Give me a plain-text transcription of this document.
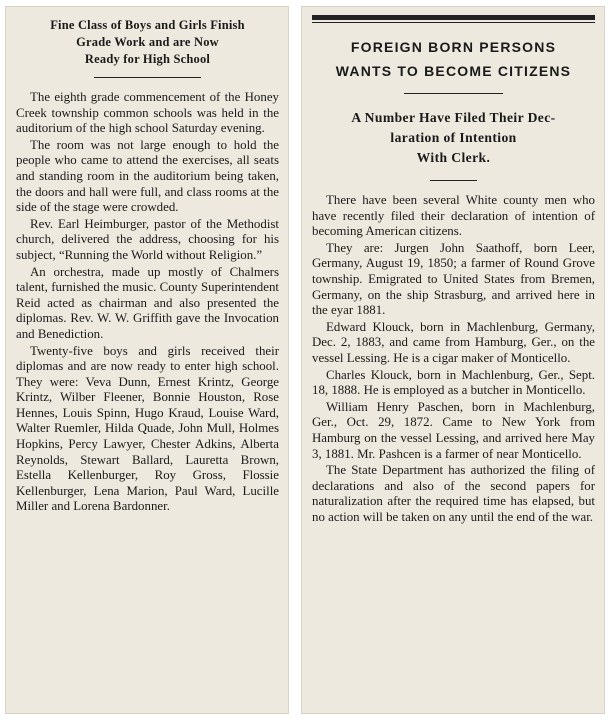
Fine Class of Boys and Girls Finish
Grade Work and are Now
Ready for High School

The eighth grade commencement of the Honey Creek township common schools was held in the auditorium of the high school Saturday evening.

The room was not large enough to hold the people who came to attend the exercises, all seats and standing room in the auditorium being taken, the doors and hall were full, and class rooms at the side of the stage were crowded.

Rev. Earl Heimburger, pastor of the Methodist church, delivered the address, choosing for his subject, “Running the World without Religion.”

An orchestra, made up mostly of Chalmers talent, furnished the music. County Superintendent Reid acted as chairman and also presented the diplomas. Rev. W. W. Griffith gave the Invocation and Benediction.

Twenty-five boys and girls received their diplomas and are now ready to enter high school. They were: Veva Dunn, Ernest Krintz, George Krintz, Wilber Fleener, Bonnie Houston, Rose Hennes, Louis Spinn, Hugo Kraud, Louise Ward, Walter Ruemler, Hilda Quade, John Mull, Holmes Hopkins, Percy Lawyer, Chester Adkins, Alberta Reynolds, Stewart Ballard, Lauretta Brown, Estella Kellenburger, Roy Gross, Flossie Kellenburger, Lena Marion, Paul Ward, Lucille Miller and Lorena Bardonner.

FOREIGN BORN PERSONS
WANTS TO BECOME CITIZENS
A Number Have Filed Their Dec-
laration of Intention
With Clerk.

There have been several White county men who have recently filed their declaration of intention of becoming American citizens.

They are: Jurgen John Saathoff, born Leer, Germany, August 19, 1850; a farmer of Round Grove township. Emigrated to United States from Bremen, Germany, on the ship Strasburg, and arrived here in the eyar 1881.

Edward Klouck, born in Machlenburg, Germany, Dec. 2, 1883, and came from Hamburg, Ger., on the vessel Lessing. He is a cigar maker of Monticello.

Charles Klouck, born in Machlenburg, Ger., Sept. 18, 1888. He is employed as a butcher in Monticello.

William Henry Paschen, born in Machlenburg, Ger., Oct. 29, 1872. Came to New York from Hamburg on the vessel Lessing, and arrived here May 3, 1881. Mr. Pashcen is a farmer of near Monticello.

The State Department has authorized the filing of declarations and also of the second papers for naturalization after the required time has elapsed, but no action will be taken on any until the end of the war.
